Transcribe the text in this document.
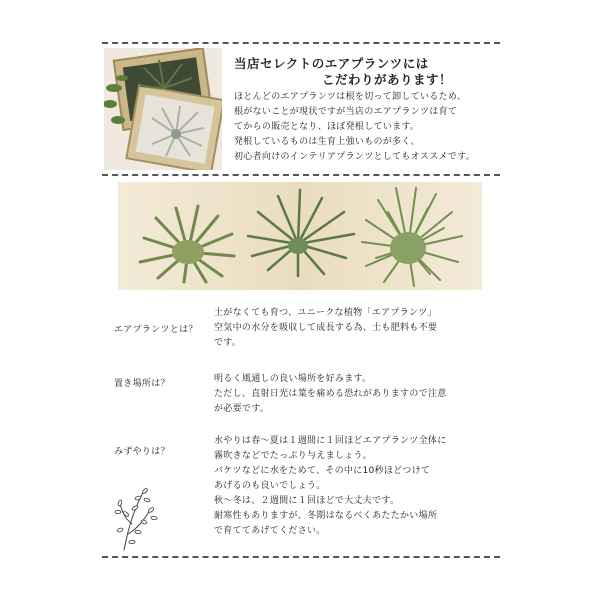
当店セレクトのエアプランツには
こだわりがあります！
ほとんどのエアプランツは根を切って卸しているため、
根がないことが現状ですが当店のエアプランツは育て
てからの販売となり、ほぼ発根しています。
発根しているものは生育上強いものが多く、
初心者向けのインテリアプランツとしてもオススメです。
エアプランツとは？
土がなくても育つ、ユニークな植物「エアプランツ」
空気中の水分を吸収して成長する為、土も肥料も不要
です。
置き場所は？	明るく風通しの良い場所を好みます。
ただし、直射日光は葉を痛める恐れがありますので注意
が必要です。
みずやりは？
水やりは春〜夏は１週間に１回ほどエアプランツ全体に
霧吹きなどでたっぷり与えましょう。
バケツなどに水をためて、その中に10秒ほどつけて
あげるのも良いでしょう。
秋〜冬は、２週間に１回ほどで大丈夫です。
耐寒性もありますが、冬期はなるべくあたたかい場所
で育ててあげてください。
